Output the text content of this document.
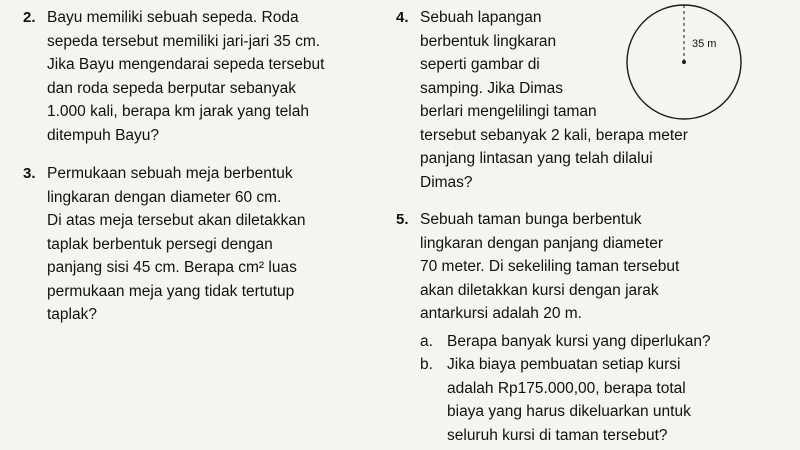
2. Bayu memiliki sebuah sepeda. Roda
sepeda tersebut memiliki jari-jari 35 cm.
Jika Bayu mengendarai sepeda tersebut
dan roda sepeda berputar sebanyak
1.000 kali, berapa km jarak yang telah
ditempuh Bayu?
3. Permukaan sebuah meja berbentuk
lingkaran dengan diameter 60 cm.
Di atas meja tersebut akan diletakkan
taplak berbentuk persegi dengan
panjang sisi 45 cm. Berapa cm² luas
permukaan meja yang tidak tertutup
taplak?
4. Sebuah lapangan
berbentuk lingkaran
seperti gambar di
samping. Jika Dimas
berlari mengelilingi taman
tersebut sebanyak 2 kali, berapa meter
panjang lintasan yang telah dilalui
Dimas?
35 m
5. Sebuah taman bunga berbentuk
lingkaran dengan panjang diameter
70 meter. Di sekeliling taman tersebut
akan diletakkan kursi dengan jarak
antarkursi adalah 20 m.
a. Berapa banyak kursi yang diperlukan?
b. Jika biaya pembuatan setiap kursi
adalah Rp175.000,00, berapa total
biaya yang harus dikeluarkan untuk
seluruh kursi di taman tersebut?
